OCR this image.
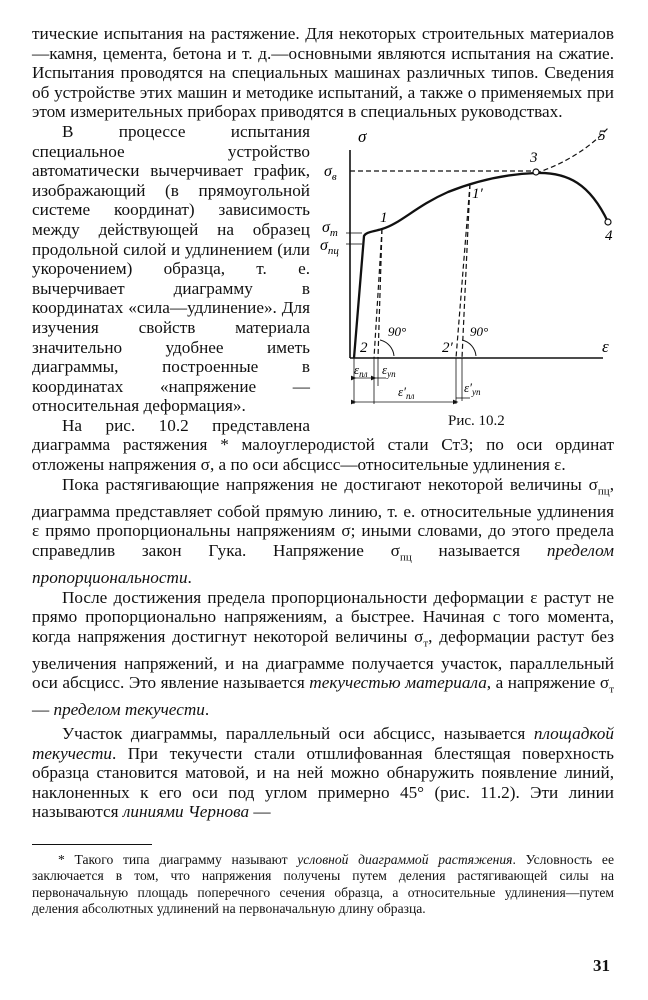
тические испытания на растяжение. Для некоторых строительных материалов—камня, цемента, бетона и т. д.—основными являются испытания на сжатие. Испытания проводятся на специальных машинах различных типов. Сведения об устройстве этих машин и методике испытаний, а также о применяемых при этом измерительных приборах приводятся в специальных руководствах.

σ
ε
$\sigma_в$
$\sigma_т$
$\sigma_{пц}$
1
1′
2	2′
3
4
5
90°	90°
$\varepsilon_{пл}$ $\varepsilon_{уп}$
$\varepsilon'_{пл}$
$\varepsilon'_{уп}$
Рис. 10.2
В процессе испытания специальное устройство автоматически вычерчивает график, изображающий (в прямоугольной системе координат) зависимость между действующей на образец продольной силой и удлинением (или укорочением) образца, т. е. вычерчивает диаграмму в координатах «сила—удлинение». Для изучения свойств материала значительно удобнее иметь диаграммы, построенные в координатах «напряжение — относительная деформация».

На рис. 10.2 представлена диаграмма растяжения * малоуглеродистой стали Ст3; по оси ординат отложены напряжения σ, а по оси абсцисс—относительные удлинения ε.

Пока растягивающие напряжения не достигают некоторой величины $\sigma_{пц}$, диаграмма представляет собой прямую линию, т. е. относительные удлинения ε прямо пропорциональны напряжениям σ; иными словами, до этого предела справедлив закон Гука. Напряжение $\sigma_{пц}$ называется пределом пропорциональности.

После достижения предела пропорциональности деформации ε растут не прямо пропорционально напряжениям, а быстрее. Начиная с того момента, когда напряжения достигнут некоторой величины $\sigma_т$, деформации растут без увеличения напряжений, и на диаграмме получается участок, параллельный оси абсцисс. Это явление называется текучестью материала, а напряжение $\sigma_т$ — пределом текучести.

Участок диаграммы, параллельный оси абсцисс, называется площадкой текучести. При текучести стали отшлифованная блестящая поверхность образца становится матовой, и на ней можно обнаружить появление линий, наклоненных к его оси под углом примерно 45° (рис. 11.2). Эти линии называются линиями Чернова —

* Такого типа диаграмму называют условной диаграммой растяжения. Условность ее заключается в том, что напряжения получены путем деления растягивающей силы на первоначальную площадь поперечного сечения образца, а относительные удлинения—путем деления абсолютных удлинений на первоначальную длину образца.

31
